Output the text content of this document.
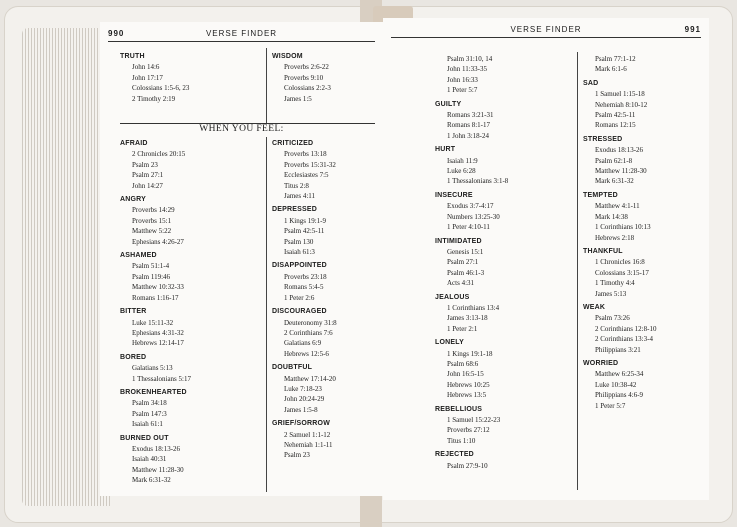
990	VERSE FINDER
TRUTH
John 14:6
John 17:17
Colossians 1:5-6, 23
2 Timothy 2:19
WISDOM
Proverbs 2:6-22
Proverbs 9:10
Colossians 2:2-3
James 1:5
WHEN YOU FEEL:
AFRAID
2 Chronicles 20:15
Psalm 23
Psalm 27:1
John 14:27
ANGRY
Proverbs 14:29
Proverbs 15:1
Matthew 5:22
Ephesians 4:26-27
ASHAMED
Psalm 51:1-4
Psalm 119:46
Matthew 10:32-33
Romans 1:16-17
BITTER
Luke 15:11-32
Ephesians 4:31-32
Hebrews 12:14-17
BORED
Galatians 5:13
1 Thessalonians 5:17
BROKENHEARTED
Psalm 34:18
Psalm 147:3
Isaiah 61:1
BURNED OUT
Exodus 18:13-26
Isaiah 40:31
Matthew 11:28-30
Mark 6:31-32
CRITICIZED
Proverbs 13:18
Proverbs 15:31-32
Ecclesiastes 7:5
Titus 2:8
James 4:11
DEPRESSED
1 Kings 19:1-9
Psalm 42:5-11
Psalm 130
Isaiah 61:3
DISAPPOINTED
Proverbs 23:18
Romans 5:4-5
1 Peter 2:6
DISCOURAGED
Deuteronomy 31:8
2 Corinthians 7:6
Galatians 6:9
Hebrews 12:5-6
DOUBTFUL
Matthew 17:14-20
Luke 7:18-23
John 20:24-29
James 1:5-8
GRIEF/SORROW
2 Samuel 1:1-12
Nehemiah 1:1-11
Psalm 23
VERSE FINDER	991
Psalm 31:10, 14
John 11:33-35
John 16:33
1 Peter 5:7
GUILTY
Romans 3:21-31
Romans 8:1-17
1 John 3:18-24
HURT
Isaiah 11:9
Luke 6:28
1 Thessalonians 3:1-8
INSECURE
Exodus 3:7-4:17
Numbers 13:25-30
1 Peter 4:10-11
INTIMIDATED
Genesis 15:1
Psalm 27:1
Psalm 46:1-3
Acts 4:31
JEALOUS
1 Corinthians 13:4
James 3:13-18
1 Peter 2:1
LONELY
1 Kings 19:1-18
Psalm 68:6
John 16:5-15
Hebrews 10:25
Hebrews 13:5
REBELLIOUS
1 Samuel 15:22-23
Proverbs 27:12
Titus 1:10
REJECTED
Psalm 27:9-10
Psalm 77:1-12
Mark 6:1-6
SAD
1 Samuel 1:15-18
Nehemiah 8:10-12
Psalm 42:5-11
Romans 12:15
STRESSED
Exodus 18:13-26
Psalm 62:1-8
Matthew 11:28-30
Mark 6:31-32
TEMPTED
Matthew 4:1-11
Mark 14:38
1 Corinthians 10:13
Hebrews 2:18
THANKFUL
1 Chronicles 16:8
Colossians 3:15-17
1 Timothy 4:4
James 5:13
WEAK
Psalm 73:26
2 Corinthians 12:8-10
2 Corinthians 13:3-4
Philippians 3:21
WORRIED
Matthew 6:25-34
Luke 10:38-42
Philippians 4:6-9
1 Peter 5:7
